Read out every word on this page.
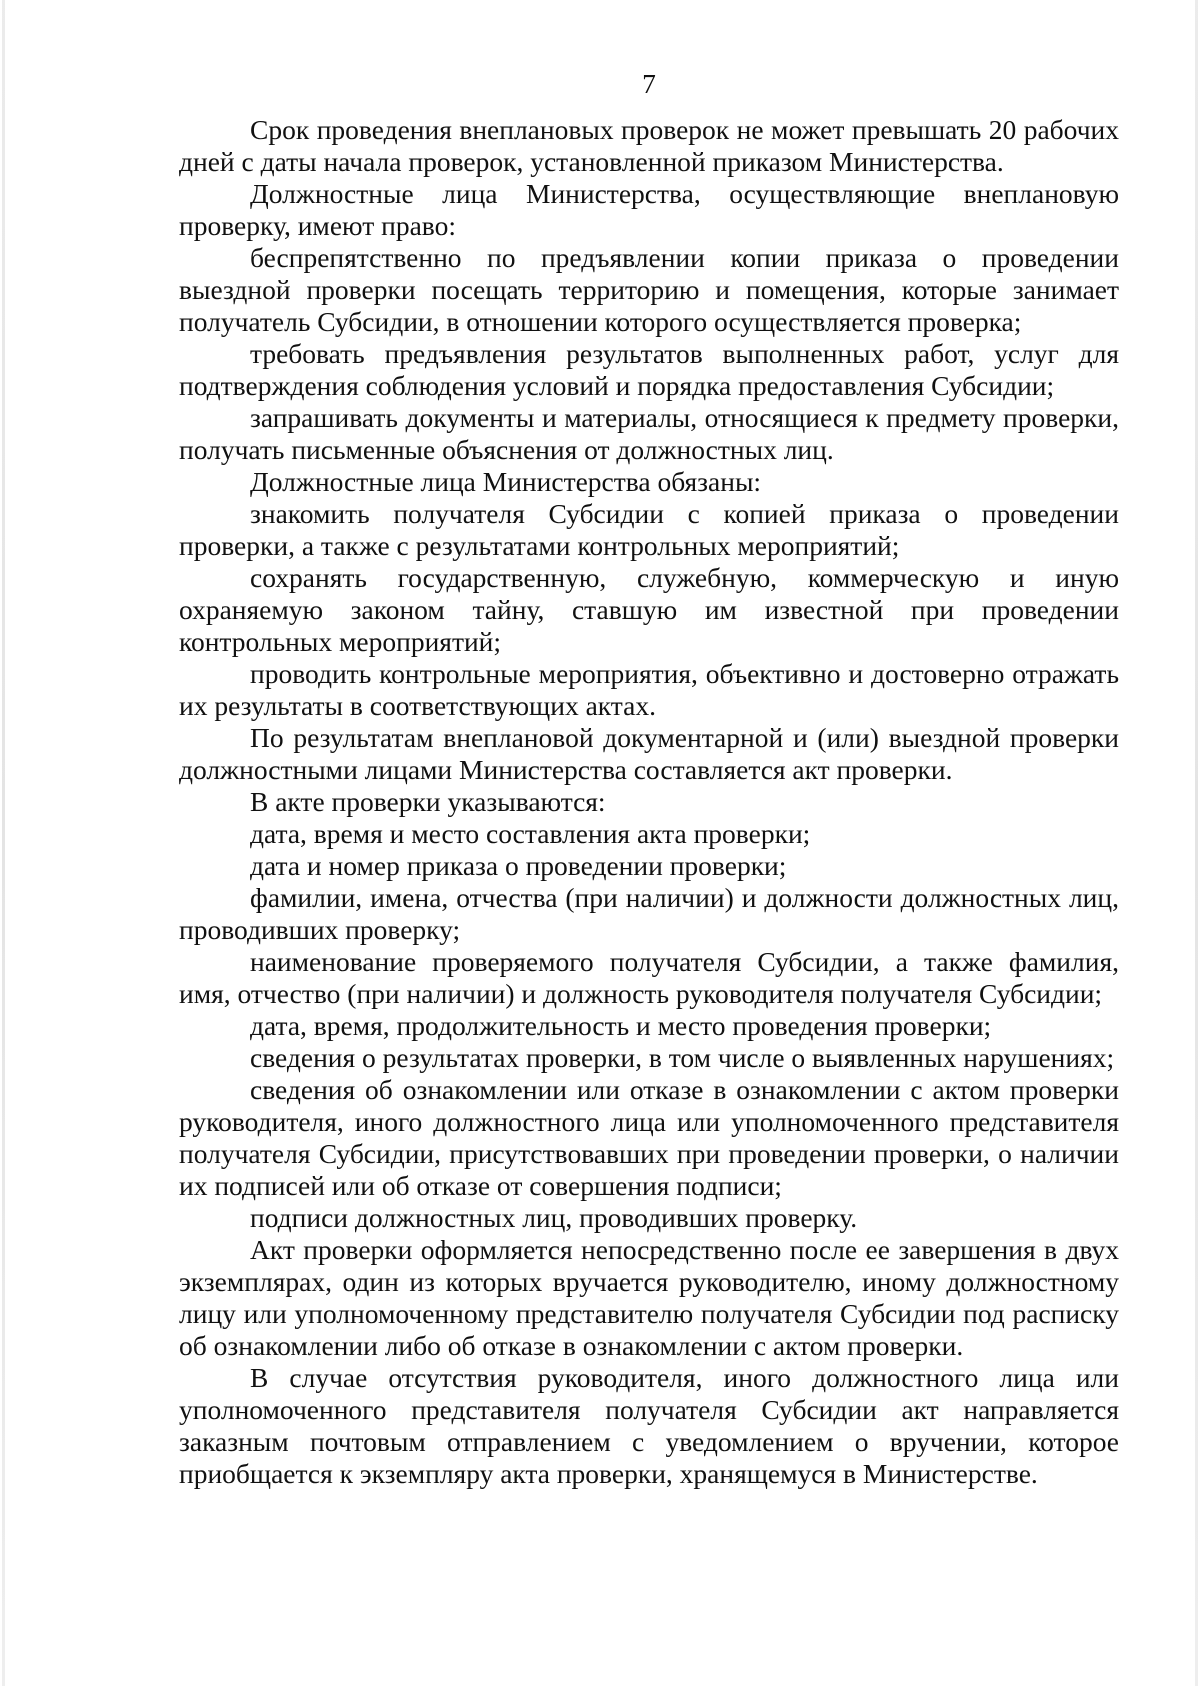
7

Срок проведения внеплановых проверок не может превышать 20 рабочих дней с даты начала проверок, установленной приказом Министерства.

Должностные лица Министерства, осуществляющие внеплановую проверку, имеют право:

беспрепятственно по предъявлении копии приказа о проведении выездной проверки посещать территорию и помещения, которые занимает получатель Субсидии, в отношении которого осуществляется проверка;

требовать предъявления результатов выполненных работ, услуг для подтверждения соблюдения условий и порядка предоставления Субсидии;

запрашивать документы и материалы, относящиеся к предмету проверки, получать письменные объяснения от должностных лиц.

Должностные лица Министерства обязаны:

знакомить получателя Субсидии с копией приказа о проведении проверки, а также с результатами контрольных мероприятий;

сохранять государственную, служебную, коммерческую и иную охраняемую законом тайну, ставшую им известной при проведении контрольных мероприятий;

проводить контрольные мероприятия, объективно и достоверно отражать их результаты в соответствующих актах.

По результатам внеплановой документарной и (или) выездной проверки должностными лицами Министерства составляется акт проверки.

В акте проверки указываются:

дата, время и место составления акта проверки;

дата и номер приказа о проведении проверки;

фамилии, имена, отчества (при наличии) и должности должностных лиц, проводивших проверку;

наименование проверяемого получателя Субсидии, а также фамилия, имя, отчество (при наличии) и должность руководителя получателя Субсидии;

дата, время, продолжительность и место проведения проверки;

сведения о результатах проверки, в том числе о выявленных нарушениях;

сведения об ознакомлении или отказе в ознакомлении с актом проверки руководителя, иного должностного лица или уполномоченного представителя получателя Субсидии, присутствовавших при проведении проверки, о наличии их подписей или об отказе от совершения подписи;

подписи должностных лиц, проводивших проверку.

Акт проверки оформляется непосредственно после ее завершения в двух экземплярах, один из которых вручается руководителю, иному должностному лицу или уполномоченному представителю получателя Субсидии под расписку об ознакомлении либо об отказе в ознакомлении с актом проверки.

В случае отсутствия руководителя, иного должностного лица или уполномоченного представителя получателя Субсидии акт направляется заказным почтовым отправлением с уведомлением о вручении, которое приобщается к экземпляру акта проверки, хранящемуся в Министерстве.
